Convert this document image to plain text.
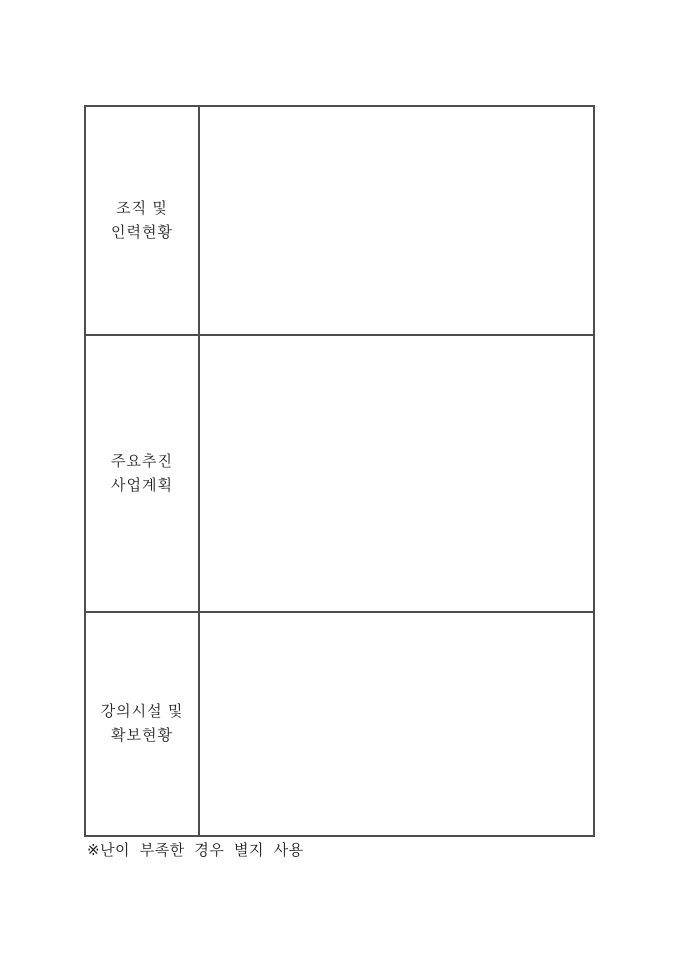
조직 및
인력현황	

주요추진
사업계획	

강의시설 및
확보현황	

※난이 부족한 경우 별지 사용
